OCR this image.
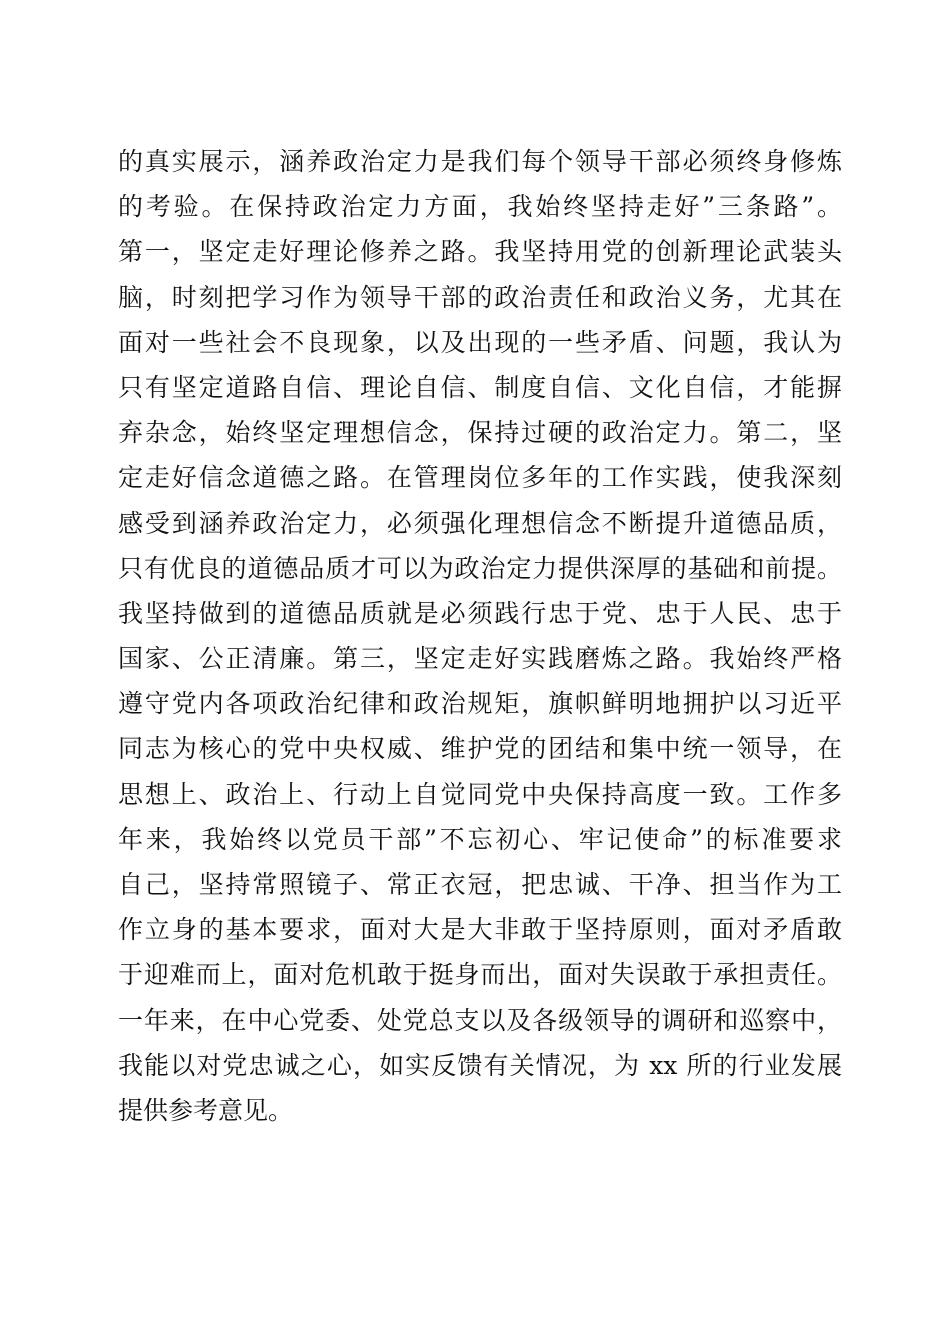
的真实展示，涵养政治定力是我们每个领导干部必须终身修炼
的考验。在保持政治定力方面，我始终坚持走好”三条路”。
第一，坚定走好理论修养之路。我坚持用党的创新理论武装头
脑，时刻把学习作为领导干部的政治责任和政治义务，尤其在
面对一些社会不良现象，以及出现的一些矛盾、问题，我认为
只有坚定道路自信、理论自信、制度自信、文化自信，才能摒
弃杂念，始终坚定理想信念，保持过硬的政治定力。第二，坚
定走好信念道德之路。在管理岗位多年的工作实践，使我深刻
感受到涵养政治定力，必须强化理想信念不断提升道德品质，
只有优良的道德品质才可以为政治定力提供深厚的基础和前提。
我坚持做到的道德品质就是必须践行忠于党、忠于人民、忠于
国家、公正清廉。第三，坚定走好实践磨炼之路。我始终严格
遵守党内各项政治纪律和政治规矩，旗帜鲜明地拥护以习近平
同志为核心的党中央权威、维护党的团结和集中统一领导，在
思想上、政治上、行动上自觉同党中央保持高度一致。工作多
年来，我始终以党员干部”不忘初心、牢记使命”的标准要求
自己，坚持常照镜子、常正衣冠，把忠诚、干净、担当作为工
作立身的基本要求，面对大是大非敢于坚持原则，面对矛盾敢
于迎难而上，面对危机敢于挺身而出，面对失误敢于承担责任。
一年来，在中心党委、处党总支以及各级领导的调研和巡察中，
我能以对党忠诚之心，如实反馈有关情况，为 xx 所的行业发展
提供参考意见。
